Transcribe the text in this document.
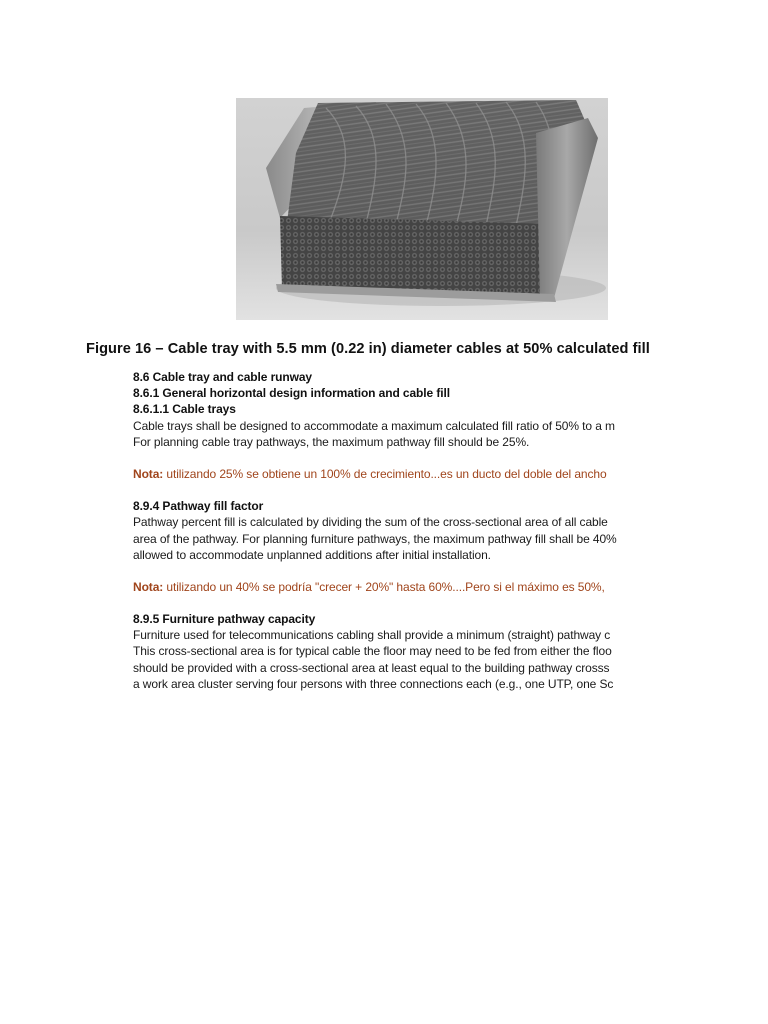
Figure 16 – Cable tray with 5.5 mm (0.22 in) diameter cables at 50% calculated fill
8.6 Cable tray and cable runway
8.6.1 General horizontal design information and cable fill
8.6.1.1 Cable trays
Cable trays shall be designed to accommodate a maximum calculated fill ratio of 50% to a m
For planning cable tray pathways, the maximum pathway fill should be 25%.
Nota: utilizando 25% se obtiene un 100% de crecimiento...es un ducto del doble del ancho
8.9.4 Pathway fill factor
Pathway percent fill is calculated by dividing the sum of the cross-sectional area of all cable
area of the pathway. For planning furniture pathways, the maximum pathway fill shall be 40%
allowed to accommodate unplanned additions after initial installation.
Nota: utilizando un 40% se podría "crecer + 20%" hasta 60%....Pero si el máximo es 50%,
8.9.5 Furniture pathway capacity
Furniture used for telecommunications cabling shall provide a minimum (straight) pathway c
This cross-sectional area is for typical cable the floor may need to be fed from either the floo
should be provided with a cross-sectional area at least equal to the building pathway crosss
a work area cluster serving four persons with three connections each (e.g., one UTP, one Sc
